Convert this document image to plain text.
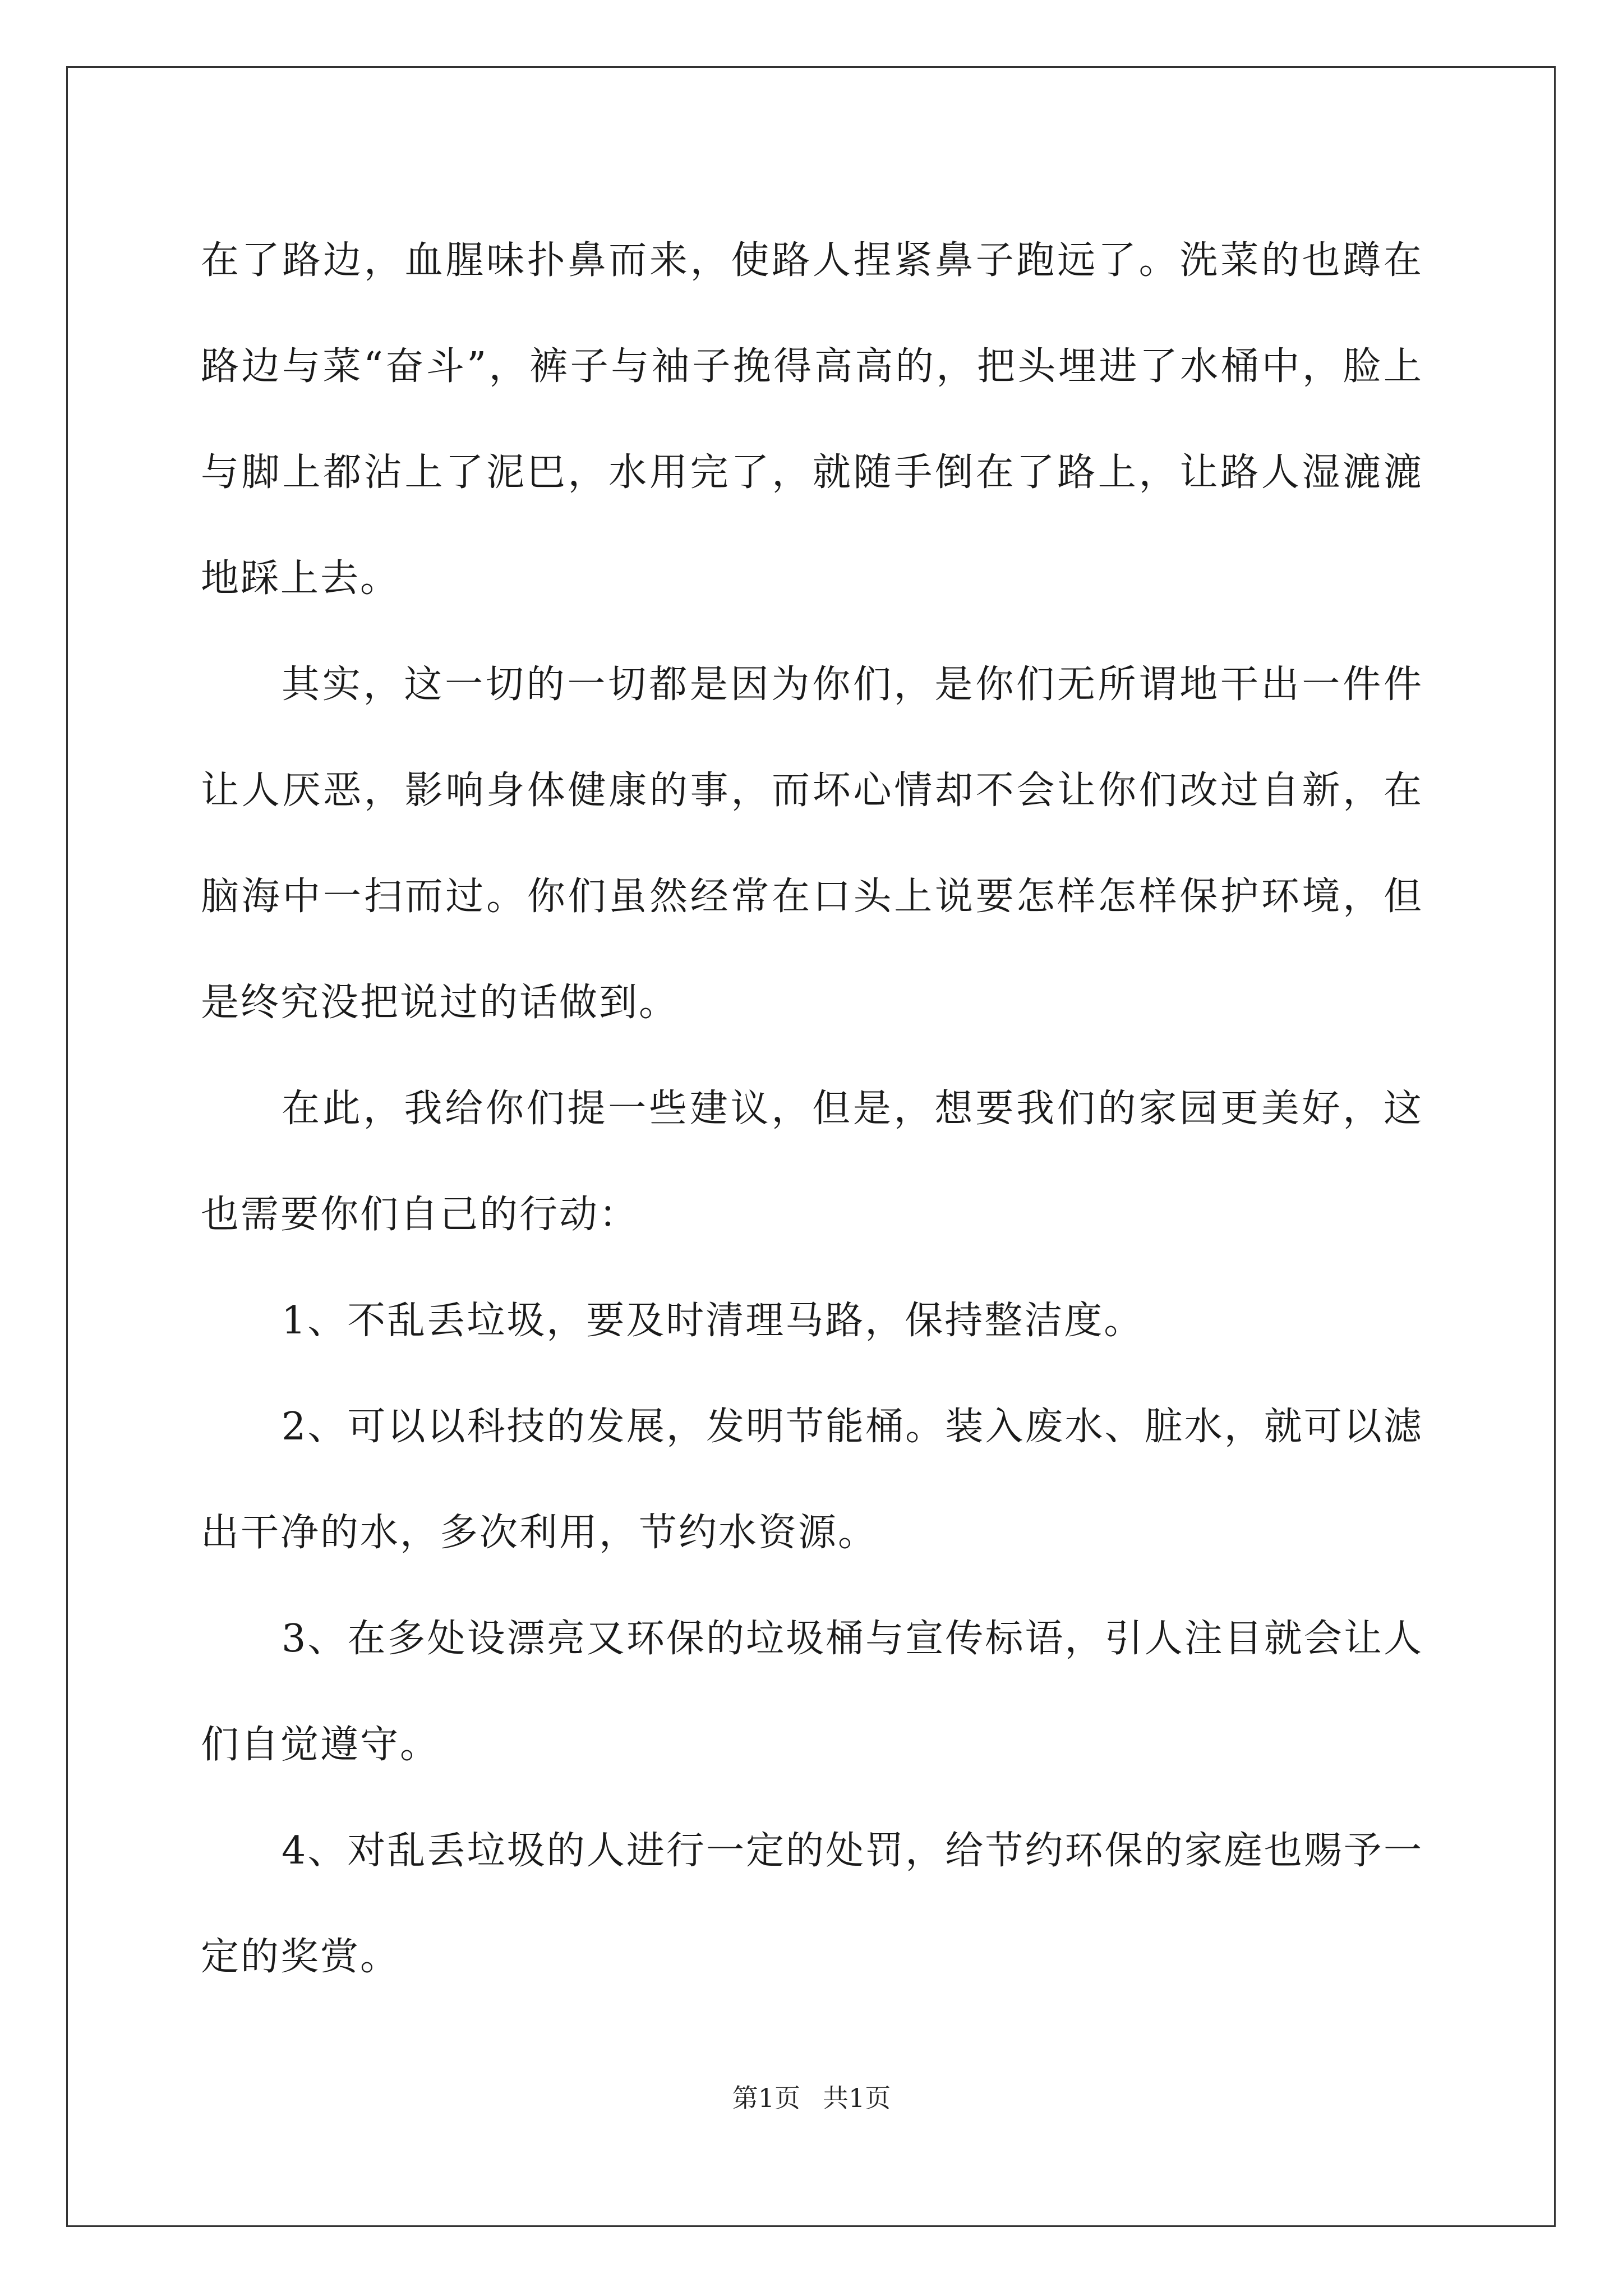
在了路边，血腥味扑鼻而来，使路人捏紧鼻子跑远了。洗菜的也蹲在路边与菜“奋斗”，裤子与袖子挽得高高的，把头埋进了水桶中，脸上与脚上都沾上了泥巴，水用完了，就随手倒在了路上，让路人湿漉漉地踩上去。

其实，这一切的一切都是因为你们，是你们无所谓地干出一件件让人厌恶，影响身体健康的事，而坏心情却不会让你们改过自新，在脑海中一扫而过。你们虽然经常在口头上说要怎样怎样保护环境，但是终究没把说过的话做到。

在此，我给你们提一些建议，但是，想要我们的家园更美好，这也需要你们自己的行动：

1、不乱丢垃圾，要及时清理马路，保持整洁度。

2、可以以科技的发展，发明节能桶。装入废水、脏水，就可以滤出干净的水，多次利用，节约水资源。

3、在多处设漂亮又环保的垃圾桶与宣传标语，引人注目就会让人们自觉遵守。

4、对乱丢垃圾的人进行一定的处罚，给节约环保的家庭也赐予一定的奖赏。

第1页 共1页
